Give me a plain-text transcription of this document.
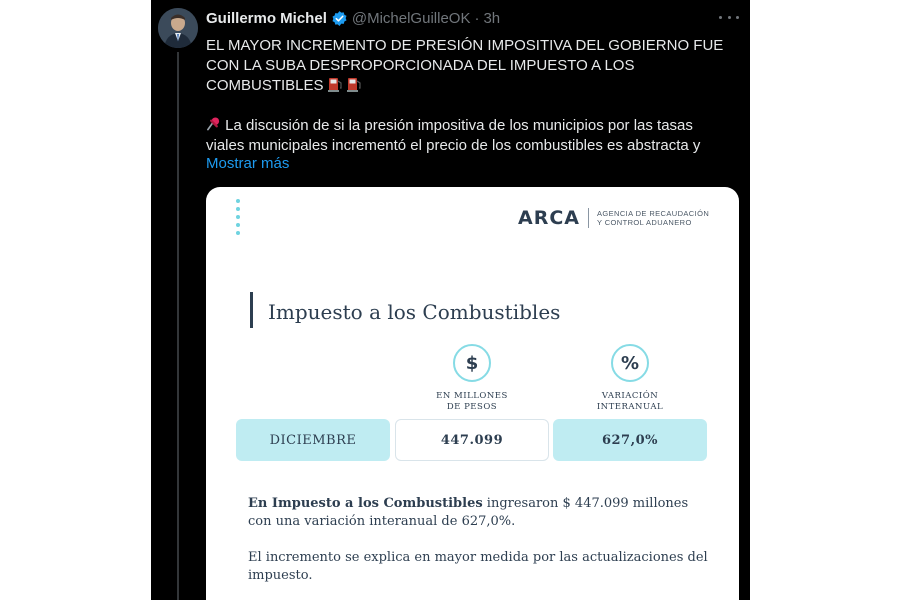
Guillermo Michel @MichelGuilleOK · 3h

EL MAYOR INCREMENTO DE PRESIÓN IMPOSITIVA DEL GOBIERNO FUE

CON LA SUBA DESPROPORCIONADA DEL IMPUESTO A LOS

COMBUSTIBLES

La discusión de si la presión impositiva de los municipios por las tasas

viales municipales incrementó el precio de los combustibles es abstracta y

Mostrar más
ARCA AGENCIA DE RECAUDACIÓN
Y CONTROL ADUANERO
Impuesto a los Combustibles
$
EN MILLONES
DE PESOS
%
VARIACIÓN
INTERANUAL
DICIEMBRE	447.099	627,0%

En Impuesto a los Combustibles ingresaron $ 447.099 millones con una variación interanual de 627,0%.

El incremento se explica en mayor medida por las actualizaciones del impuesto.
